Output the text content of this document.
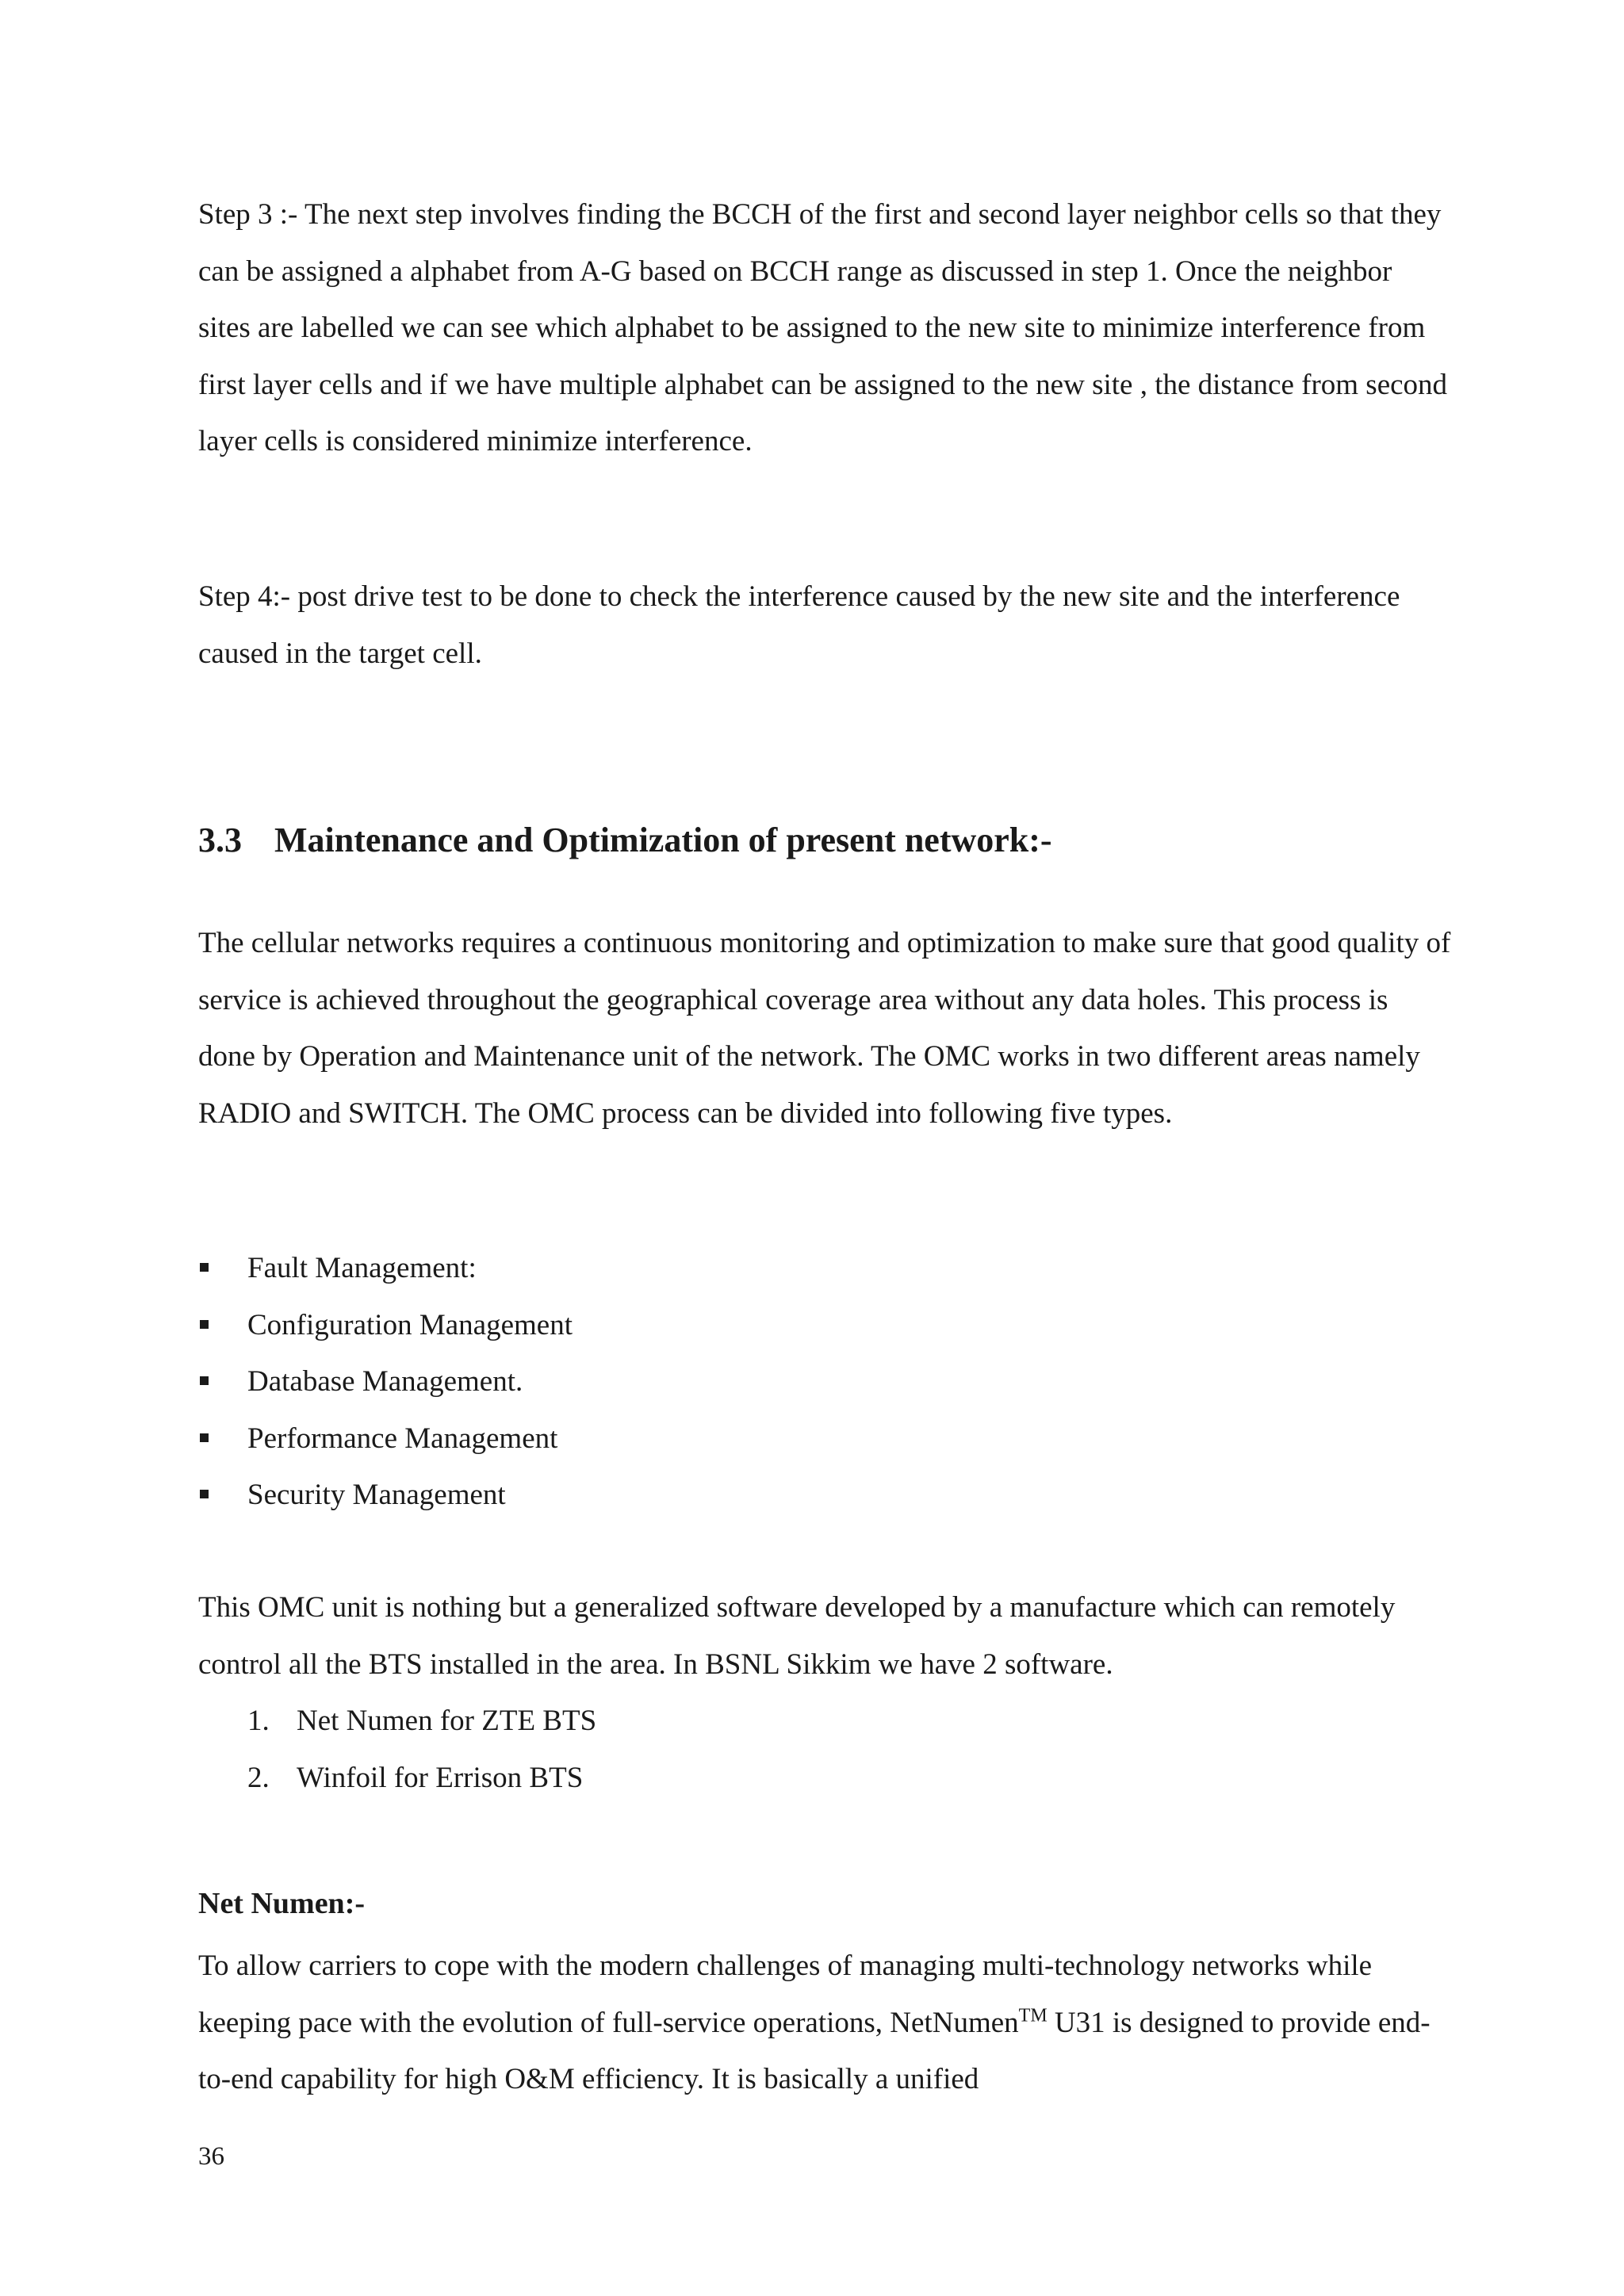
Step 3 :- The next step involves finding the BCCH of the first and second layer neighbor cells so that they can be assigned a alphabet from A-G based on BCCH range as discussed in step 1. Once the neighbor sites are labelled we can see which alphabet to be assigned to the new site to minimize interference from first layer cells and if we have multiple alphabet can be assigned to the new site , the distance from second layer cells is considered minimize interference.

Step 4:- post drive test to be done to check the interference caused by the new site and the interference caused in the target cell.

3.3 Maintenance and Optimization of present network:-

The cellular networks requires a continuous monitoring and optimization to make sure that good quality of service is achieved throughout the geographical coverage area without any data holes. This process is done by Operation and Maintenance unit of the network. The OMC works in two different areas namely RADIO and SWITCH. The OMC process can be divided into following five types.

Fault Management:
Configuration Management
Database Management.
Performance Management
Security Management

This OMC unit is nothing but a generalized software developed by a manufacture which can remotely control all the BTS installed in the area. In BSNL Sikkim we have 2 software.

1. Net Numen for ZTE BTS
2. Winfoil for Errison BTS
Net Numen:-

To allow carriers to cope with the modern challenges of managing multi-technology networks while keeping pace with the evolution of full-service operations, NetNumen™ U31 is designed to provide end-to-end capability for high O&M efficiency. It is basically a unified

36
